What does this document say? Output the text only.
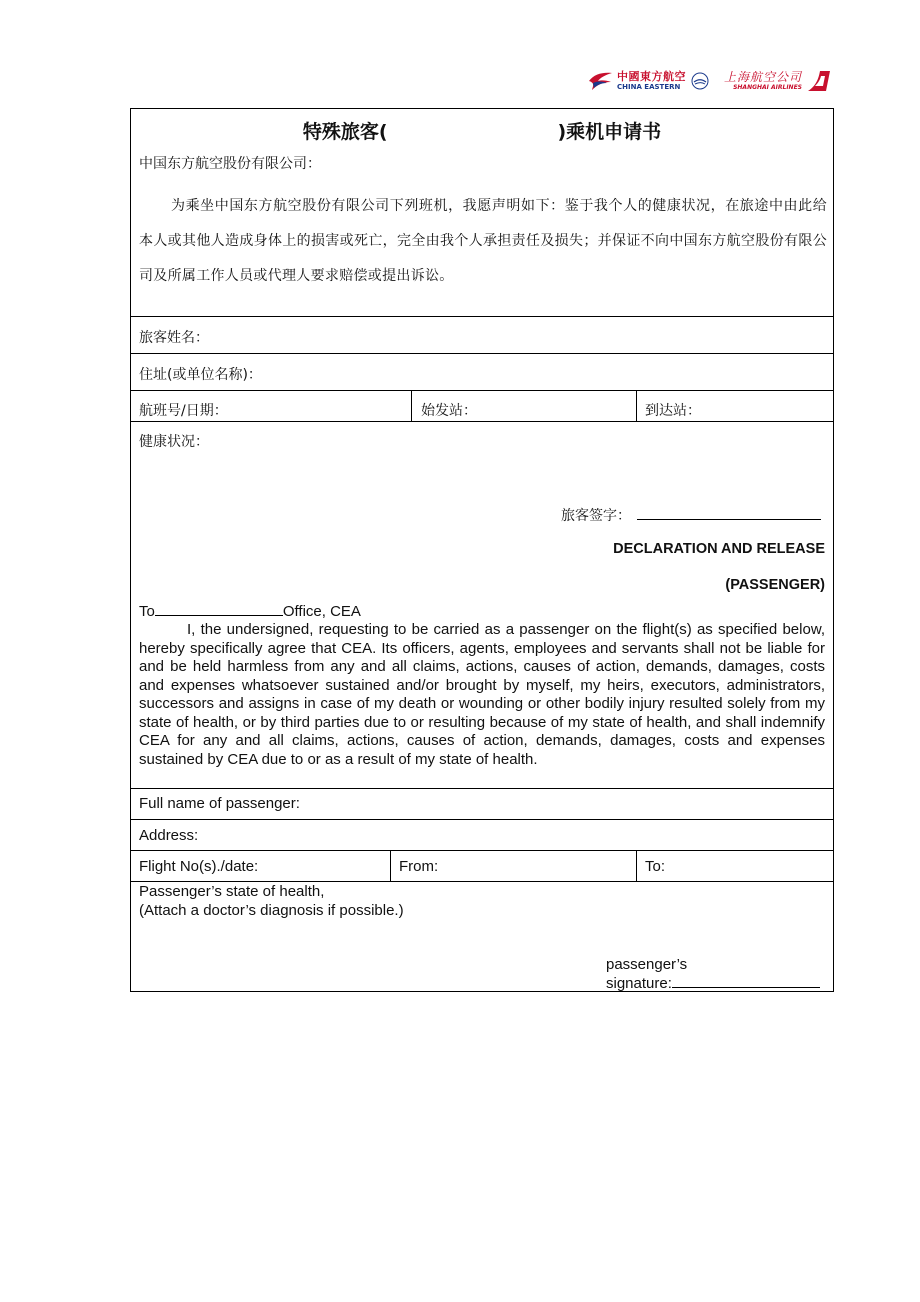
中國東方航空
CHINA EASTERN
上海航空公司
SHANGHAI AIRLINES
特殊旅客(	)乘机申请书
中国东方航空股份有限公司：
为乘坐中国东方航空股份有限公司下列班机，我愿声明如下：鉴于我个人的健康状况，在旅途中由此给本人或其他人造成身体上的损害或死亡，完全由我个人承担责任及损失；并保证不向中国东方航空股份有限公司及所属工作人员或代理人要求赔偿或提出诉讼。
旅客姓名：
住址(或单位名称)：
航班号/日期：	始发站：	到达站：
健康状况：
旅客签字：
DECLARATION AND RELEASE
(PASSENGER)
To	Office, CEA
I, the undersigned, requesting to be carried as a passenger on the flight(s) as specified below, hereby specifically agree that CEA. Its officers, agents, employees and servants shall not be liable for and be held harmless from any and all claims, actions, causes of action, demands, damages, costs and expenses whatsoever sustained and/or brought by myself, my heirs, executors, administrators, successors and assigns in case of my death or wounding or other bodily injury resulted solely from my state of health, or by third parties due to or resulting because of my state of health, and shall indemnify CEA for any and all claims, actions, causes of action, demands, damages, costs and expenses sustained by CEA due to or as a result of my state of health.
Full name of passenger:
Address:
Flight No(s)./date:	From:	To:
Passenger’s state of health,
(Attach a doctor’s diagnosis if possible.)
passenger’s
signature:
